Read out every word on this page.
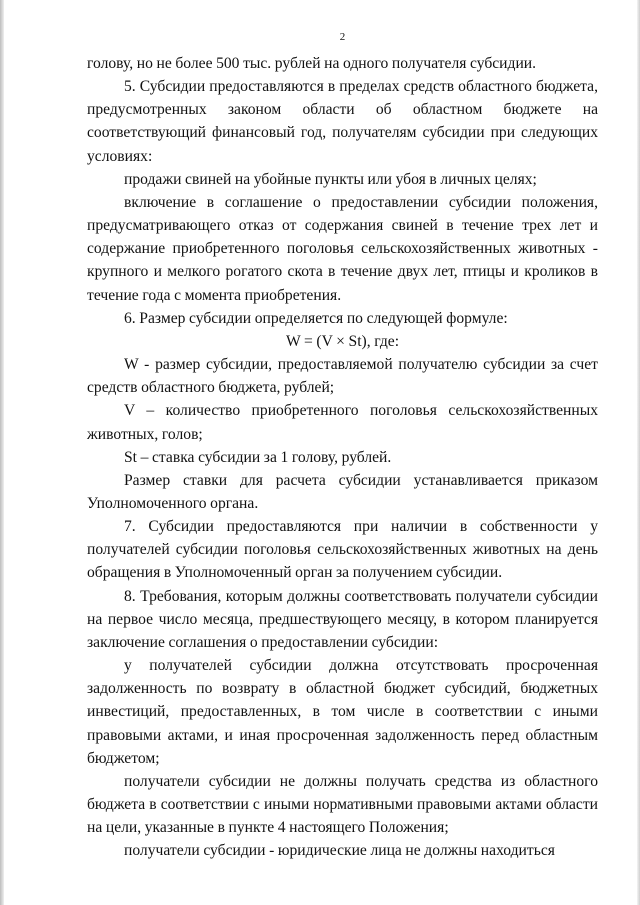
2

голову, но не более 500 тыс. рублей на одного получателя субсидии.

5. Субсидии предоставляются в пределах средств областного бюджета, предусмотренных законом области об областном бюджете на соответствующий финансовый год, получателям субсидии при следующих условиях:

продажи свиней на убойные пункты или убоя в личных целях;

включение в соглашение о предоставлении субсидии положения, предусматривающего отказ от содержания свиней в течение трех лет и содержание приобретенного поголовья сельскохозяйственных животных - крупного и мелкого рогатого скота в течение двух лет, птицы и кроликов в течение года с момента приобретения.

6. Размер субсидии определяется по следующей формуле:

W = (V × St), где:

W - размер субсидии, предоставляемой получателю субсидии за счет средств областного бюджета, рублей;

V – количество приобретенного поголовья сельскохозяйственных животных, голов;

St – ставка субсидии за 1 голову, рублей.

Размер ставки для расчета субсидии устанавливается приказом Уполномоченного органа.

7. Субсидии предоставляются при наличии в собственности у получателей субсидии поголовья сельскохозяйственных животных на день обращения в Уполномоченный орган за получением субсидии.

8. Требования, которым должны соответствовать получатели субсидии на первое число месяца, предшествующего месяцу, в котором планируется заключение соглашения о предоставлении субсидии:

у получателей субсидии должна отсутствовать просроченная задолженность по возврату в областной бюджет субсидий, бюджетных инвестиций, предоставленных, в том числе в соответствии с иными правовыми актами, и иная просроченная задолженность перед областным бюджетом;

получатели субсидии не должны получать средства из областного бюджета в соответствии с иными нормативными правовыми актами области на цели, указанные в пункте 4 настоящего Положения;

получатели субсидии - юридические лица не должны находиться
